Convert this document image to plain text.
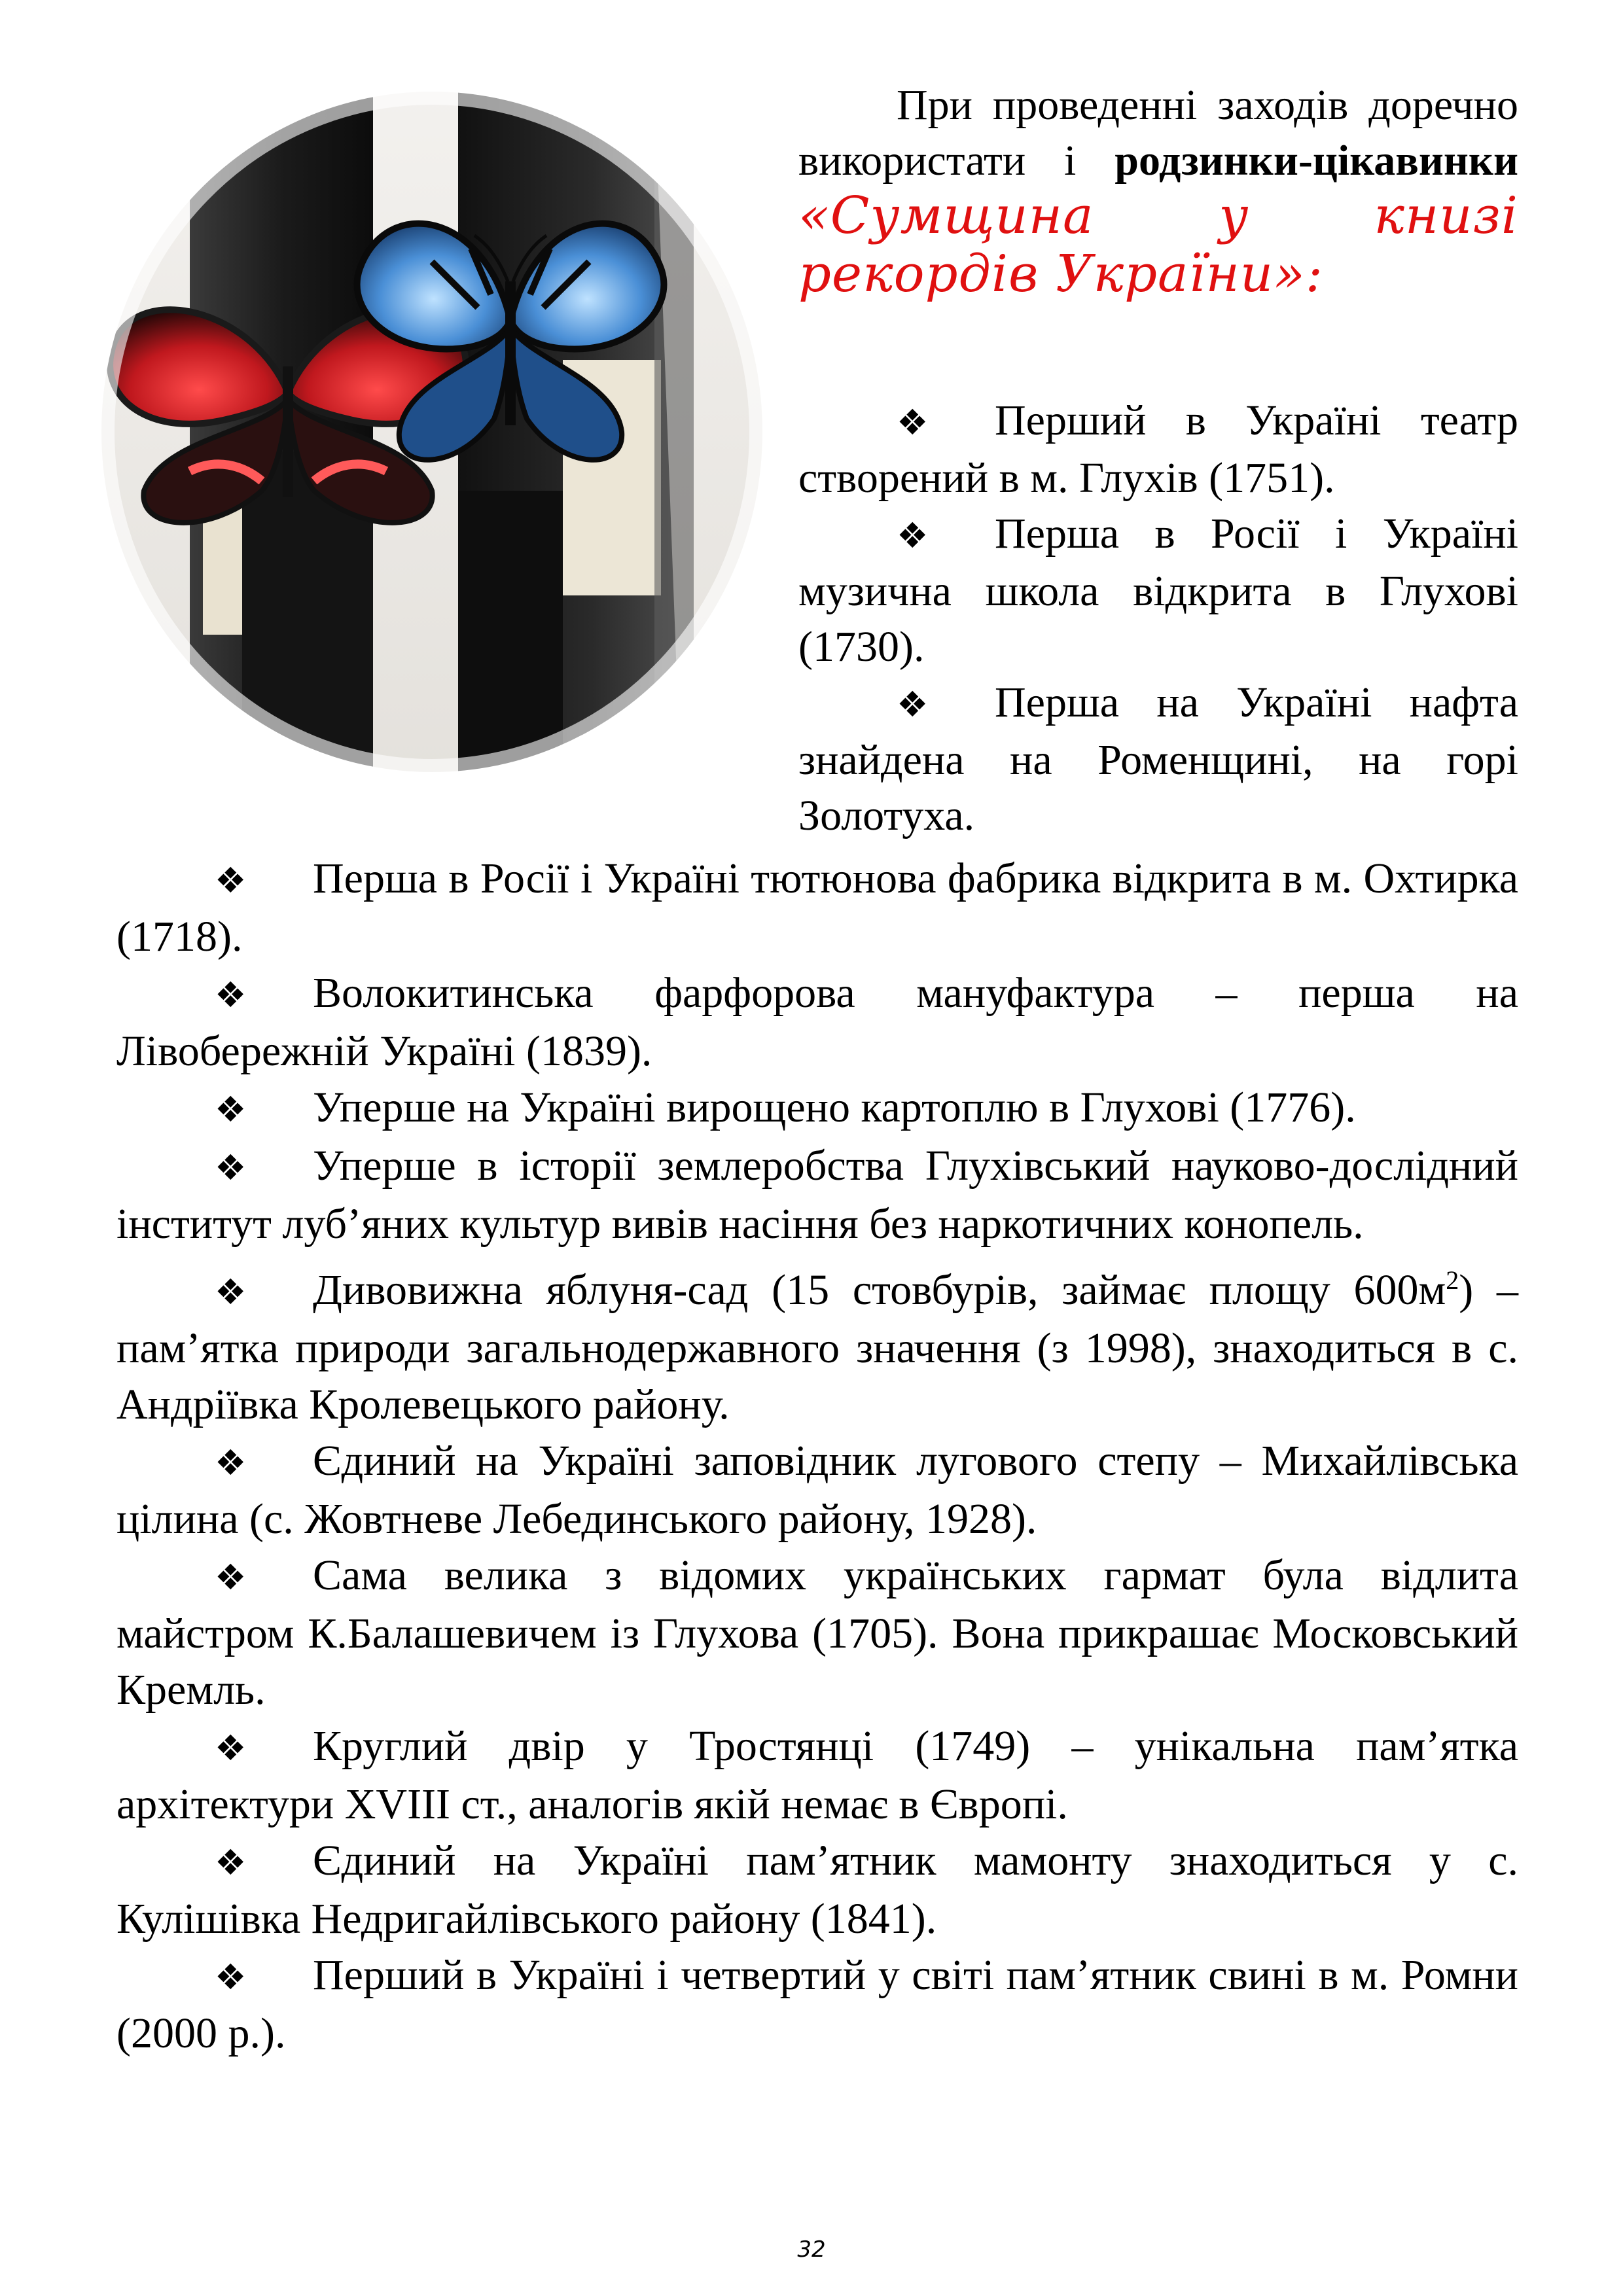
При проведенні заходів доречно використати і родзинки-цікавинки «Сумщина у книзі рекордів України»:

❖ Перший в Україні театр створений в м. Глухів (1751).

❖ Перша в Росії і Україні музична школа відкрита в Глухові (1730).

❖ Перша на Україні нафта знайдена на Роменщині, на горі Золотуха.

❖ Перша в Росії і Україні тютюнова фабрика відкрита в м. Охтирка (1718).

❖ Волокитинська фарфорова мануфактура – перша на Лівобережній Україні (1839).

❖ Уперше на Україні вирощено картоплю в Глухові (1776).

❖ Уперше в історії землеробства Глухівський науково-дослідний інститут луб’яних культур вивів насіння без наркотичних конопель.

❖ Дивовижна яблуня-сад (15 стовбурів, займає площу $600м^2$) – пам’ятка природи загальнодержавного значення (з 1998), знаходиться в с. Андріївка Кролевецького району.

❖ Єдиний на Україні заповідник лугового степу – Михайлівська цілина (с. Жовтневе Лебединського району, 1928).

❖ Сама велика з відомих українських гармат була відлита майстром К.Балашевичем із Глухова (1705). Вона прикрашає Московський Кремль.

❖ Круглий двір у Тростянці (1749) – унікальна пам’ятка архітектури XVIII ст., аналогів якій немає в Європі.

❖ Єдиний на Україні пам’ятник мамонту знаходиться у с. Кулішівка Недригайлівського району (1841).

❖ Перший в Україні і четвертий у світі пам’ятник свині в м. Ромни (2000 р.).

32
